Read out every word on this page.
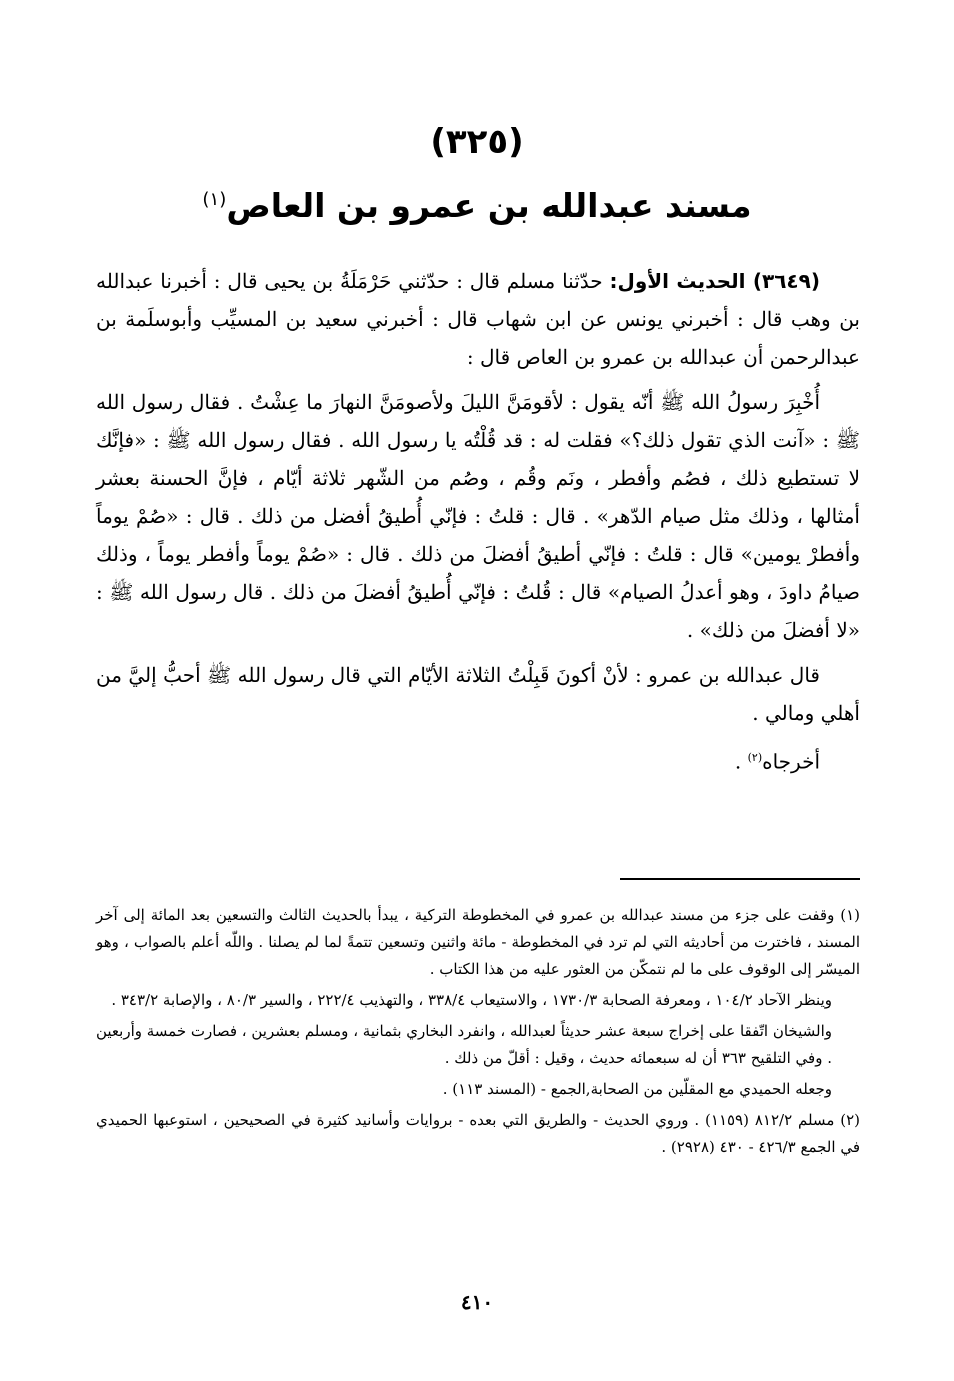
(٣٢٥)
مسند عبدالله بن عمرو بن العاص$^{(١)}$

(٣٦٤٩) الحديث الأول: حدّثنا مسلم قال : حدّثني حَرْمَلَةُ بن يحيى قال : أخبرنا عبدالله بن وهب قال : أخبرني يونس عن ابن شهاب قال : أخبرني سعيد بن المسيِّب وأبوسلَمة بن عبدالرحمن أن عبدالله بن عمرو بن العاص قال :

أُخْبِرَ رسولُ الله ﷺ أنّه يقول : لأقومَنَّ الليلَ ولأصومَنَّ النهارَ ما عِشْتُ . فقال رسول الله ﷺ : «آنت الذي تقول ذلك؟» فقلت له : قد قُلْتُه يا رسول الله . فقال رسول الله ﷺ : «فإنَّك لا تستطيع ذلك ، فصُم وأفطر ، ونَم وقُم ، وصُم من الشّهر ثلاثة أيّام ، فإنَّ الحسنة بعشر أمثالها ، وذلك مثل صيام الدّهر» . قال : قلتُ : فإنّي أُطيقُ أفضل من ذلك . قال : «صُمْ يوماً وأفطرْ يومين» قال : قلتُ : فإنّي أطيقُ أفضلَ من ذلك . قال : «صُمْ يوماً وأفطر يوماً ، وذلك صيامُ داودَ ، وهو أعدلُ الصيام» قال : قُلتُ : فإنّي أُطيقُ أفضلَ من ذلك . قال رسول الله ﷺ : «لا أفضلَ من ذلك» .

قال عبدالله بن عمرو : لأنْ أكونَ قَبِلْتُ الثلاثة الأيّام التي قال رسول الله ﷺ أحبُّ إليَّ من أهلي ومالي .

أخرجاه$^{(٢)}$ .

(١) وقفت على جزء من مسند عبدالله بن عمرو في المخطوطة التركية ، يبدأ بالحديث الثالث والتسعين بعد المائة إلى آخر المسند ، فاخترت من أحاديثه التي لم ترد في المخطوطة - مائة واثنين وتسعين تتمةً لما لم يصلنا . واللّه أعلم بالصواب ، وهو الميسّر إلى الوقوف على ما لم نتمكّن من العثور عليه من هذا الكتاب .

وينظر الآحاد ١٠٤/٢ ، ومعرفة الصحابة ١٧٣٠/٣ ، والاستيعاب ٣٣٨/٤ ، والتهذيب ٢٢٢/٤ ، والسير ٨٠/٣ ، والإصابة ٣٤٣/٢ .

والشيخان اتّفقا على إخراج سبعة عشر حديثاً لعبدالله ، وانفرد البخاري بثمانية ، ومسلم بعشرين ، فصارت خمسة وأربعين . وفي التلقيح ٣٦٣ أن له سبعمائه حديث ، وقيل : أقلّ من ذلك .

وجعله الحميدي مع المقلّين من الصحابة,الجمع - (المسند ١١٣) .

(٢) مسلم ٨١٢/٢ (١١٥٩) . وروي الحديث - والطريق التي بعده - بروايات وأسانيد كثيرة في الصحيحين ، استوعبها الحميدي في الجمع ٤٢٦/٣ - ٤٣٠ (٢٩٢٨) .

٤١٠
